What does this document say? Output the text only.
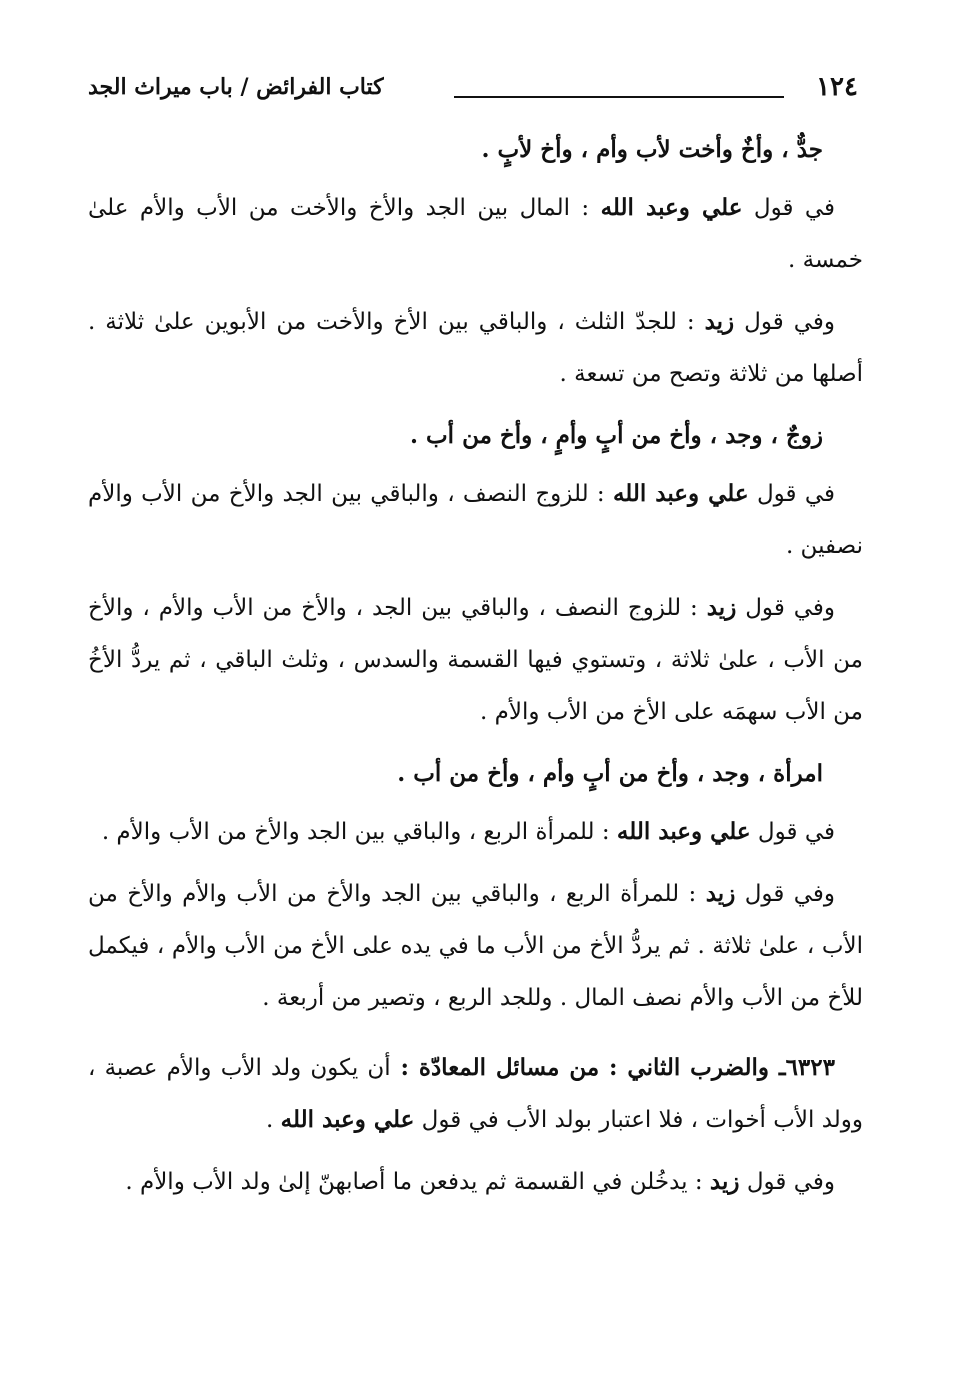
١٢٤
كتاب الفرائض / باب ميراث الجد

جدٌّ ، وأخٌ وأخت لأب وأم ، وأخ لأبٍ .

في قول علي وعبد الله : المال بين الجد والأخ والأخت من الأب والأم علىٰ خمسة .

وفي قول زيد : للجدّ الثلث ، والباقي بين الأخ والأخت من الأبوين علىٰ ثلاثة . أصلها من ثلاثة وتصح من تسعة .

زوجٌ ، وجد ، وأخ من أبٍ وأمٍ ، وأخ من أب .

في قول علي وعبد الله : للزوج النصف ، والباقي بين الجد والأخ من الأب والأم نصفين .

وفي قول زيد : للزوج النصف ، والباقي بين الجد ، والأخ من الأب والأم ، والأخ من الأب ، علىٰ ثلاثة ، وتستوي فيها القسمة والسدس ، وثلث الباقي ، ثم يردُّ الأخُ من الأب سهمَه على الأخ من الأب والأم .

امرأة ، وجد ، وأخ من أبٍ وأم ، وأخ من أب .

في قول علي وعبد الله : للمرأة الربع ، والباقي بين الجد والأخ من الأب والأم .

وفي قول زيد : للمرأة الربع ، والباقي بين الجد والأخ من الأب والأم والأخ من الأب ، علىٰ ثلاثة . ثم يردُّ الأخ من الأب ما في يده على الأخ من الأب والأم ، فيكمل للأخ من الأب والأم نصف المال . وللجد الربع ، وتصير من أربعة .

٦٣٢٣ـ والضرب الثاني : من مسائل المعادّة : أن يكون ولد الأب والأم عصبة ، وولد الأب أخوات ، فلا اعتبار بولد الأب في قول علي وعبد الله .

وفي قول زيد : يدخُلن في القسمة ثم يدفعن ما أصابهنّ إلىٰ ولد الأب والأم .
